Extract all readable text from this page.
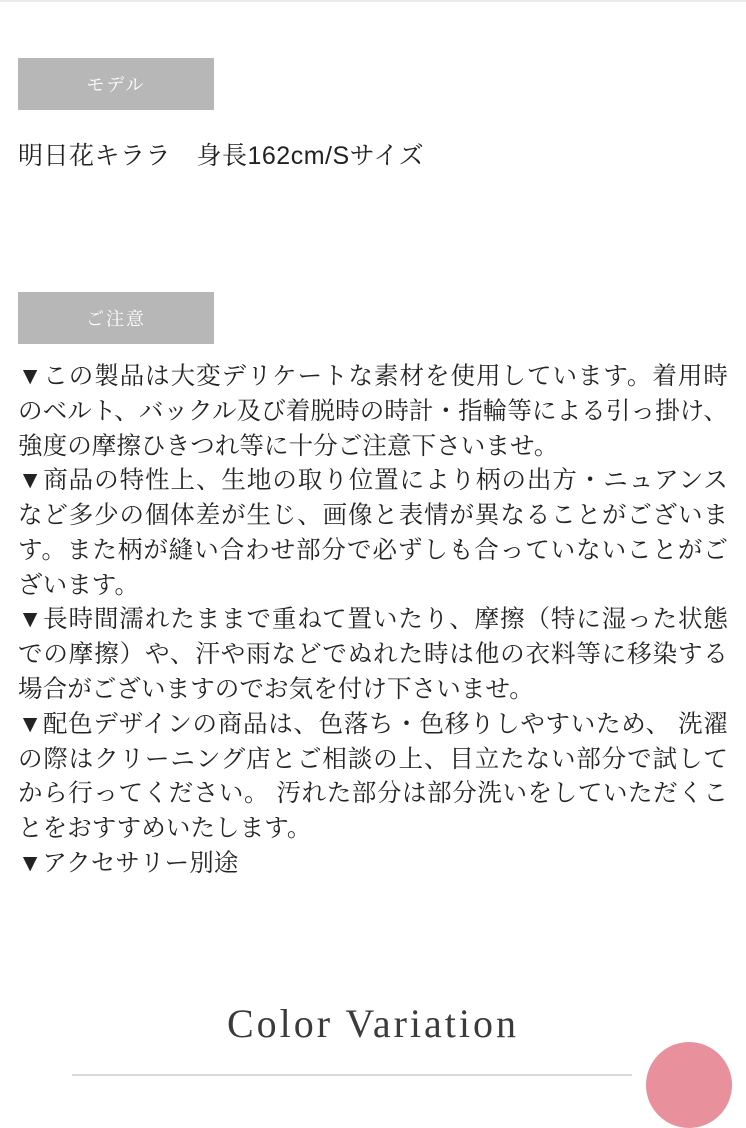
モデル
明日花キララ　身長162cm/Sサイズ
ご注意

▼この製品は大変デリケートな素材を使用しています。着用時のベルト、バックル及び着脱時の時計・指輪等による引っ掛け、強度の摩擦ひきつれ等に十分ご注意下さいませ。

▼商品の特性上、生地の取り位置により柄の出方・ニュアンスなど多少の個体差が生じ、画像と表情が異なることがございます。また柄が縫い合わせ部分で必ずしも合っていないことがございます。

▼長時間濡れたままで重ねて置いたり、摩擦（特に湿った状態での摩擦）や、汗や雨などでぬれた時は他の衣料等に移染する場合がございますのでお気を付け下さいませ。

▼配色デザインの商品は、色落ち・色移りしやすいため、 洗濯の際はクリーニング店とご相談の上、目立たない部分で試してから行ってください。 汚れた部分は部分洗いをしていただくことをおすすめいたします。

▼アクセサリー別途

Color Variation
